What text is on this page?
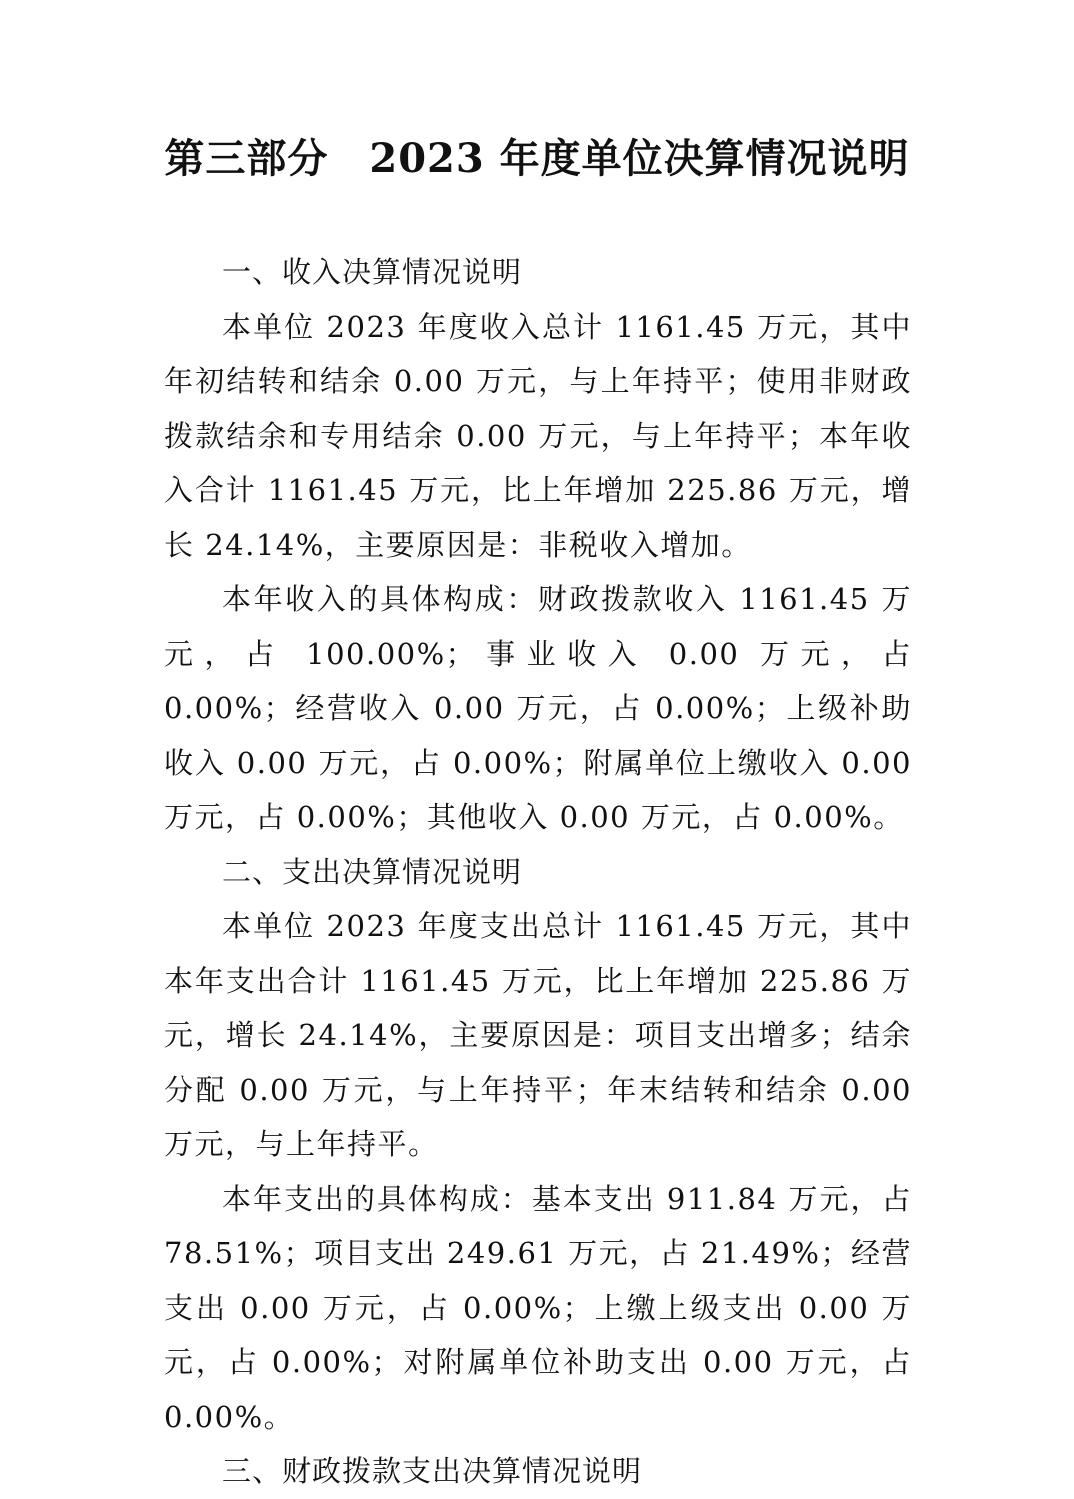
第三部分　2023 年度单位决算情况说明
一、收入决算情况说明

本单位 2023 年度收入总计 1161.45 万元，其中年初结转和结余 0.00 万元，与上年持平；使用非财政拨款结余和专用结余 0.00 万元，与上年持平；本年收入合计 1161.45 万元，比上年增加 225.86 万元，增长 24.14%，主要原因是：非税收入增加。

本年收入的具体构成：财政拨款收入 1161.45 万元，占 100.00%；事业收入 0.00 万元，占 0.00%；经营收入 0.00 万元，占 0.00%；上级补助收入 0.00 万元，占 0.00%；附属单位上缴收入 0.00 万元，占 0.00%；其他收入 0.00 万元，占 0.00%。

二、支出决算情况说明

本单位 2023 年度支出总计 1161.45 万元，其中本年支出合计 1161.45 万元，比上年增加 225.86 万元，增长 24.14%，主要原因是：项目支出增多；结余分配 0.00 万元，与上年持平；年末结转和结余 0.00 万元，与上年持平。

本年支出的具体构成：基本支出 911.84 万元，占 78.51%；项目支出 249.61 万元，占 21.49%；经营支出 0.00 万元，占 0.00%；上缴上级支出 0.00 万元，占 0.00%；对附属单位补助支出 0.00 万元，占 0.00%。

三、财政拨款支出决算情况说明
